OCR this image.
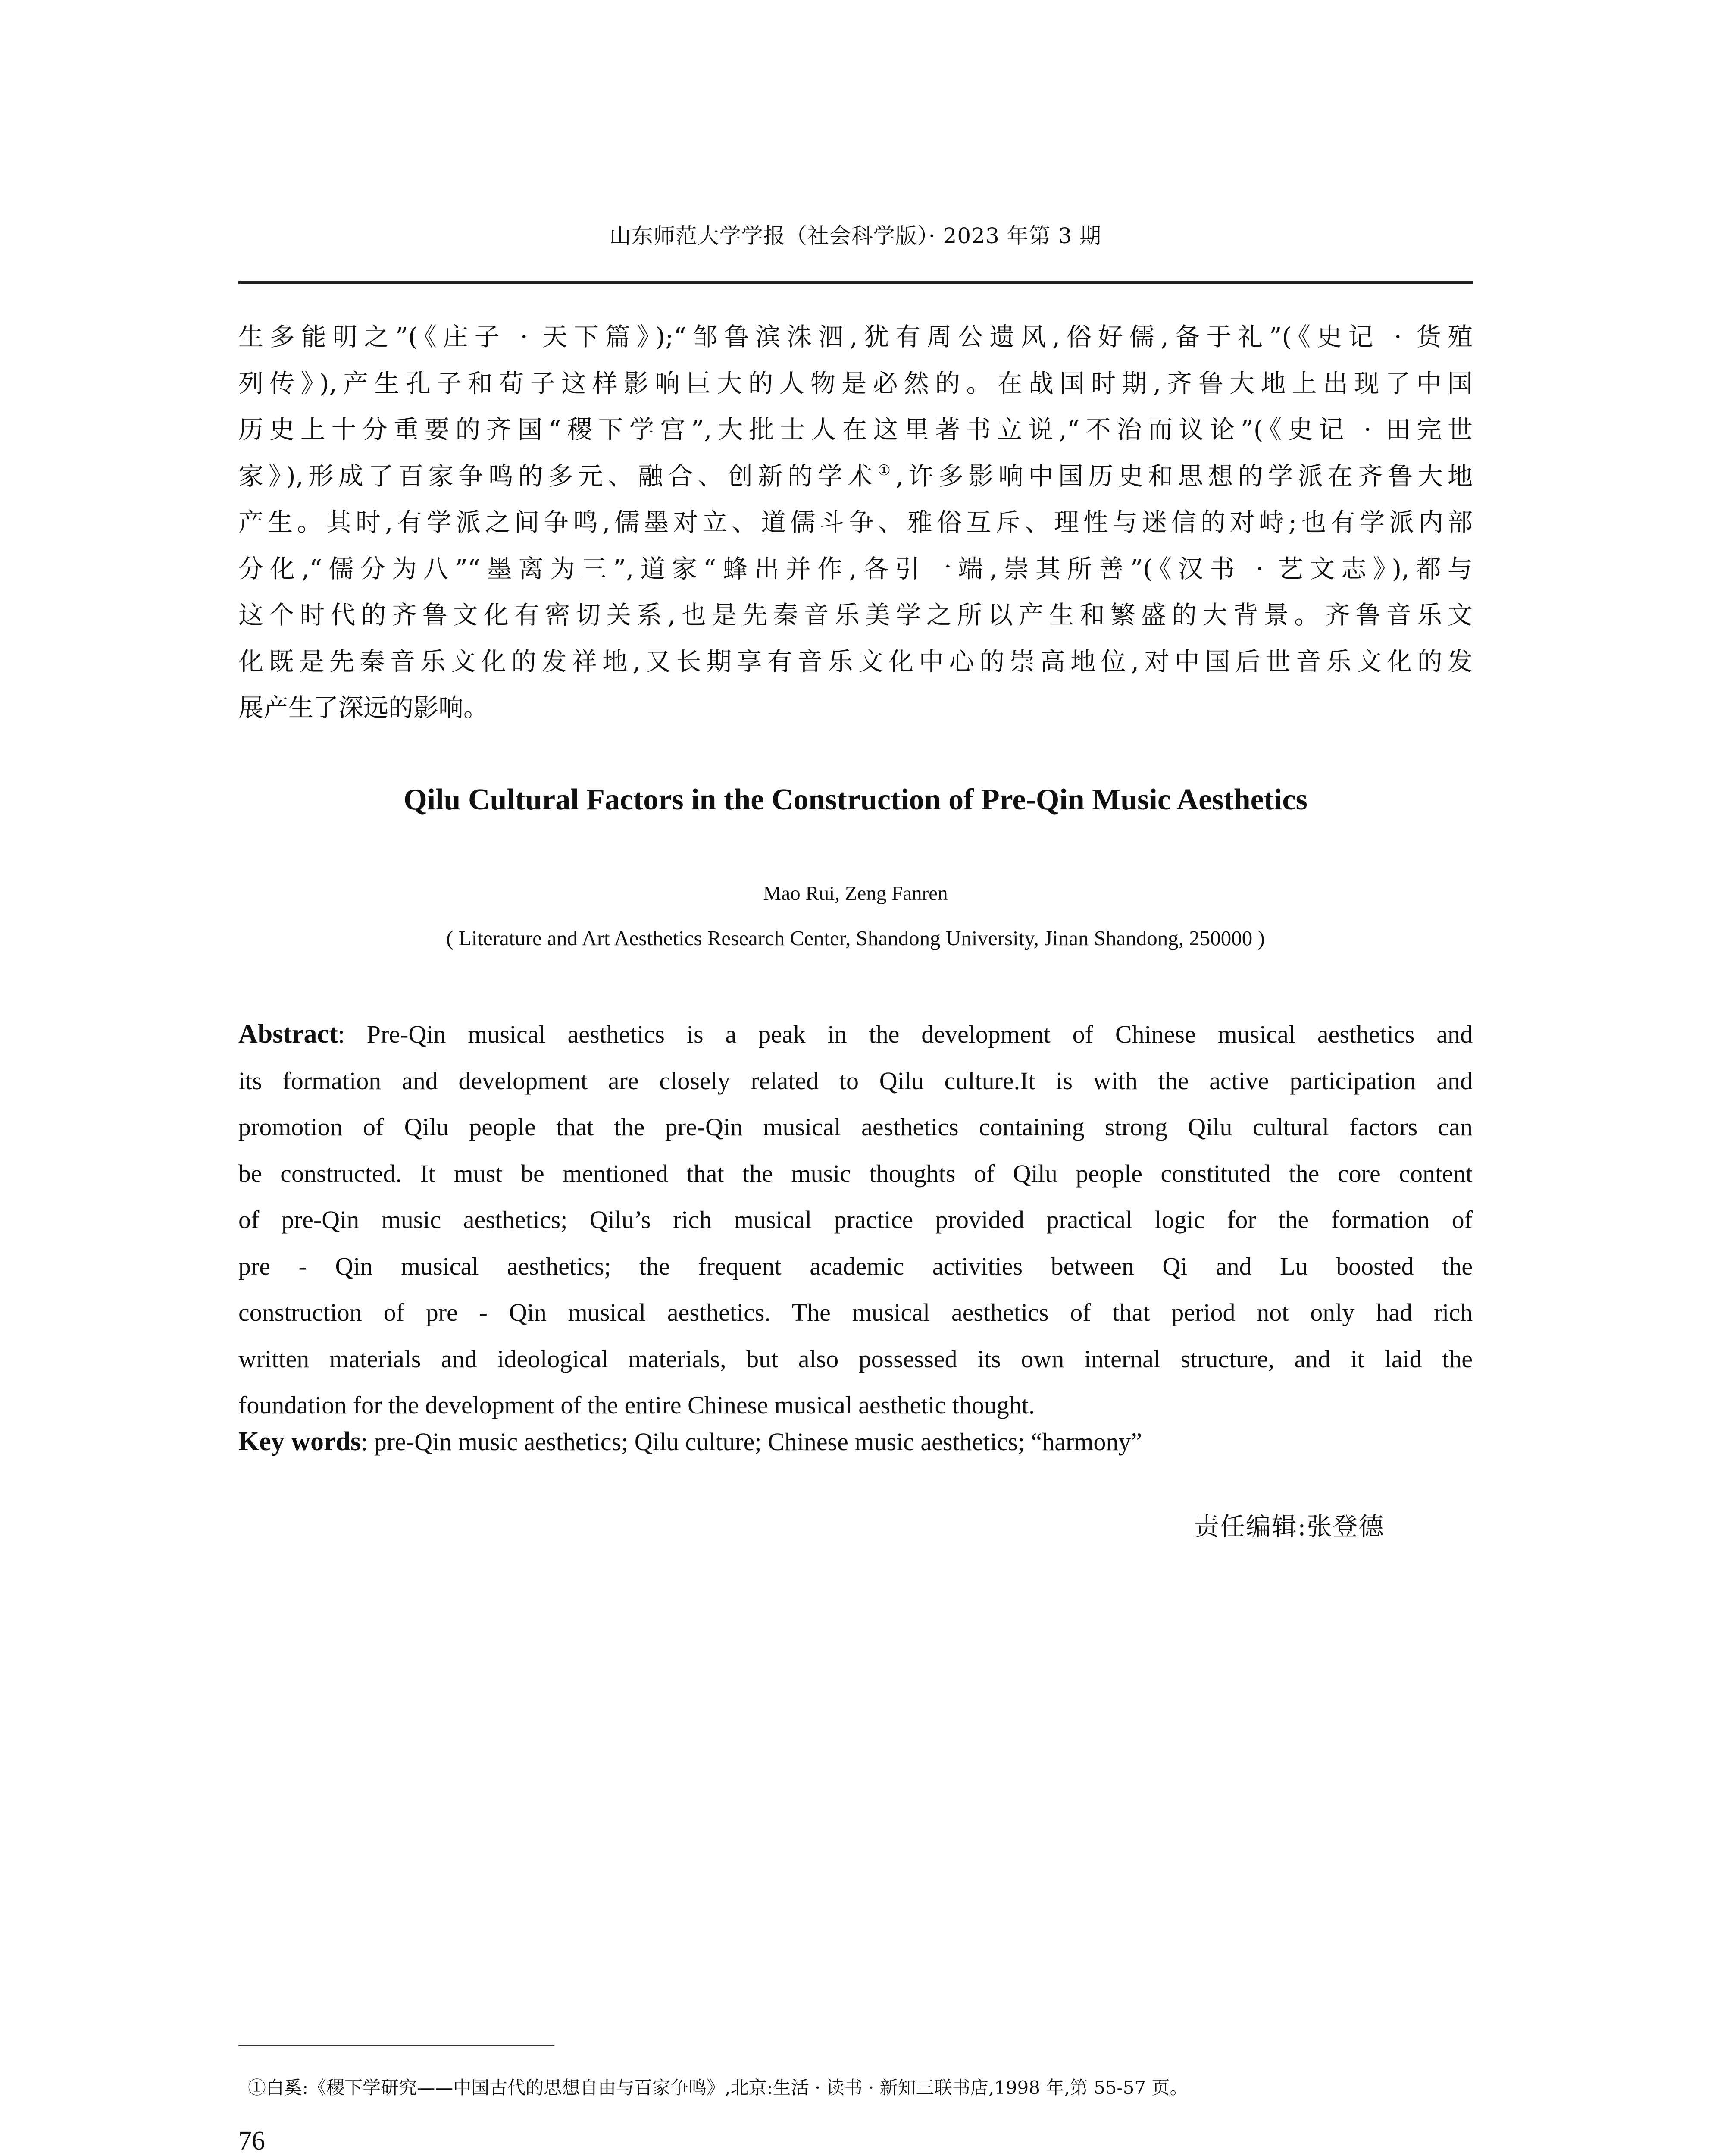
山东师范大学学报（社会科学版）· 2023 年第 3 期
生多能明之”(《庄子 · 天下篇》);“邹鲁滨洙泗,犹有周公遗风,俗好儒,备于礼”(《史记 · 货殖
列传》),产生孔子和荀子这样影响巨大的人物是必然的。在战国时期,齐鲁大地上出现了中国
历史上十分重要的齐国“稷下学宫”,大批士人在这里著书立说,“不治而议论”(《史记 · 田完世
家》),形成了百家争鸣的多元、融合、创新的学术①,许多影响中国历史和思想的学派在齐鲁大地
产生。其时,有学派之间争鸣,儒墨对立、道儒斗争、雅俗互斥、理性与迷信的对峙;也有学派内部
分化,“儒分为八”“墨离为三”,道家“蜂出并作,各引一端,崇其所善”(《汉书 · 艺文志》),都与
这个时代的齐鲁文化有密切关系,也是先秦音乐美学之所以产生和繁盛的大背景。齐鲁音乐文
化既是先秦音乐文化的发祥地,又长期享有音乐文化中心的崇高地位,对中国后世音乐文化的发
展产生了深远的影响。
Qilu Cultural Factors in the Construction of Pre-Qin Music Aesthetics
Mao Rui, Zeng Fanren
( Literature and Art Aesthetics Research Center, Shandong University, Jinan Shandong, 250000 )
Abstract: Pre-Qin musical aesthetics is a peak in the development of Chinese musical aesthetics and
its formation and development are closely related to Qilu culture.It is with the active participation and
promotion of Qilu people that the pre-Qin musical aesthetics containing strong Qilu cultural factors can
be constructed. It must be mentioned that the music thoughts of Qilu people constituted the core content
of pre-Qin music aesthetics; Qilu’s rich musical practice provided practical logic for the formation of
pre - Qin musical aesthetics; the frequent academic activities between Qi and Lu boosted the
construction of pre - Qin musical aesthetics. The musical aesthetics of that period not only had rich
written materials and ideological materials, but also possessed its own internal structure, and it laid the
foundation for the development of the entire Chinese musical aesthetic thought.
Key words: pre-Qin music aesthetics; Qilu culture; Chinese music aesthetics; “harmony”
责任编辑:张登德
①白奚:《稷下学研究——中国古代的思想自由与百家争鸣》,北京:生活 · 读书 · 新知三联书店,1998 年,第 55-57 页。
76
